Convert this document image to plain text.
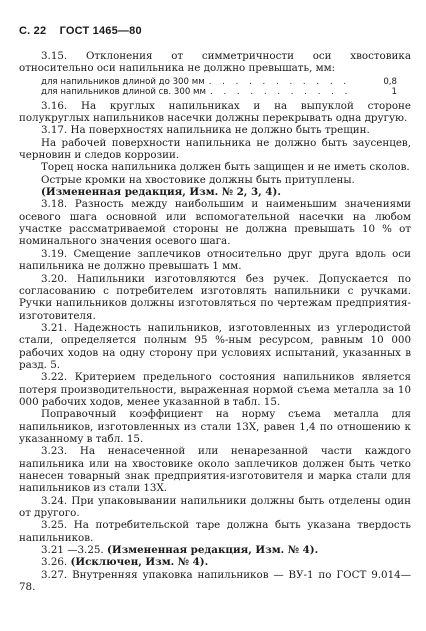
С. 22 ГОСТ 1465—80

3.15. Отклонения от симметричности оси хвостовика относительно оси напильника не должно превышать, мм:

для напильников длиной до 300 мм . . . . . . . . . . .	0,8
для напильников длиной св. 300 мм . . . . . . . . . . .	1

3.16. На круглых напильниках и на выпуклой стороне полукруглых напильников насечки должны перекрывать одна другую.

3.17. На поверхностях напильника не должно быть трещин.

На рабочей поверхности напильника не должно быть заусенцев, черновин и следов коррозии.

Торец носка напильника должен быть защищен и не иметь сколов.

Острые кромки на хвостовике должны быть притуплены.

(Измененная редакция, Изм. № 2, 3, 4).

3.18. Разность между наибольшим и наименьшим значениями осевого шага основной или вспомогательной насечки на любом участке рассматриваемой стороны не должна превышать 10 % от номинального значения осевого шага.

3.19. Смещение заплечиков относительно друг друга вдоль оси напильника не должно превышать 1 мм.

3.20. Напильники изготовляются без ручек. Допускается по согласованию с потребителем изготовлять напильники с ручками. Ручки напильников должны изготовляться по чертежам предприятия-изготовителя.

3.21. Надежность напильников, изготовленных из углеродистой стали, определяется полным 95 %-ным ресурсом, равным 10 000 рабочих ходов на одну сторону при условиях испытаний, указанных в разд. 5.

3.22. Критерием предельного состояния напильников является потеря производительности, выраженная нормой съема металла за 10 000 рабочих ходов, менее указанной в табл. 15.

Поправочный коэффициент на норму съема металла для напильников, изготовленных из стали 13Х, равен 1,4 по отношению к указанному в табл. 15.

3.23. На ненасеченной или ненарезанной части каждого напильника или на хвостовике около заплечиков должен быть четко нанесен товарный знак предприятия-изготовителя и марка стали для напильников из стали 13Х.

3.24. При упаковывании напильники должны быть отделены один от другого.

3.25. На потребительской таре должна быть указана твердость напильников.

3.21 —3.25. (Измененная редакция, Изм. № 4).

3.26. (Исключен, Изм. № 4).

3.27. Внутренняя упаковка напильников — ВУ-1 по ГОСТ 9.014—78.
